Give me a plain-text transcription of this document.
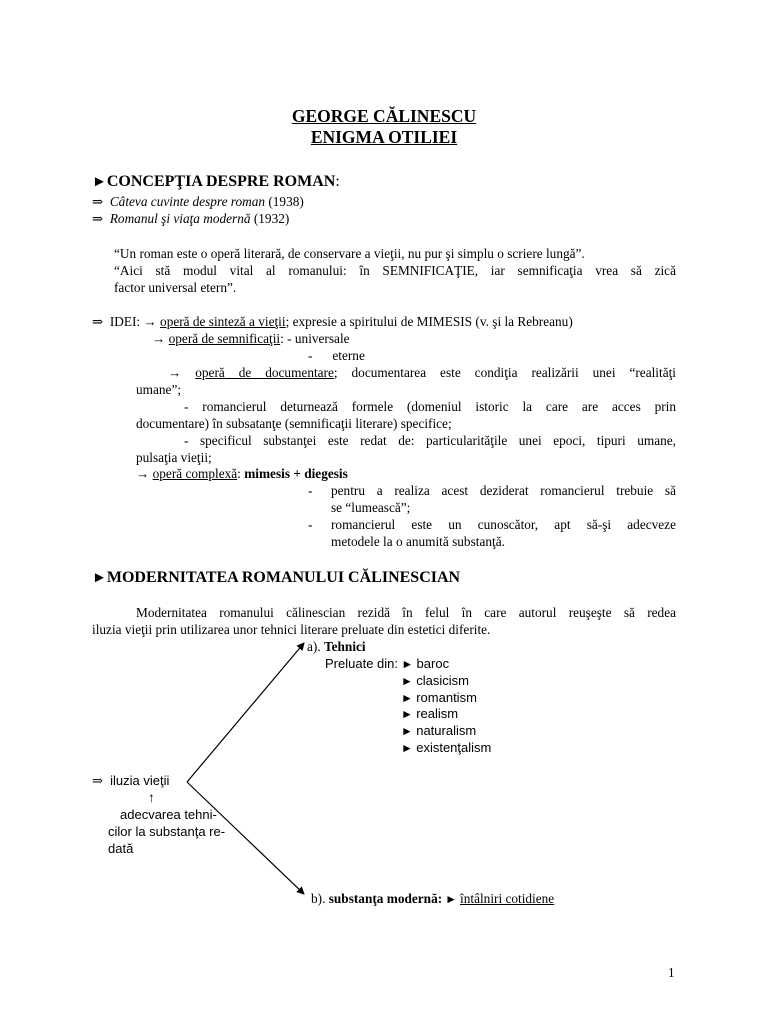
GEORGE CĂLINESCU
ENIGMA OTILIEI
►CONCEPŢIA DESPRE ROMAN:
⇒ Câteva cuvinte despre roman (1938)
⇒ Romanul şi viaţa modernă (1932)
“Un roman este o operă literară, de conservare a vieţii, nu pur şi simplu o scriere lungă”.
“Aici stă modul vital al romanului: în SEMNIFICAŢIE, iar semnificaţia vrea să zică
factor universal etern”.
⇒ IDEI: → operă de sinteză a vieţii; expresie a spiritului de MIMESIS (v. şi la Rebreanu)
→ operă de semnificaţii: - universale
-      eterne
→ operă de documentare; documentarea este condiţia realizării unei “realităţi
umane”;
- romancierul deturnează formele (domeniul istoric la care are acces prin
documentare) în subsatanţe (semnificaţii literare) specifice;
- specificul substanţei este redat de: particularităţile unei epoci, tipuri umane,
pulsaţia vieţii;
→ operă complexă: mimesis + diegesis
- pentru a realiza acest deziderat romancierul trebuie să
se “lumească”;
- romancierul este un cunoscător, apt să-şi adecveze
metodele la o anumită substanţă.
►MODERNITATEA ROMANULUI CĂLINESCIAN
Modernitatea romanului călinescian rezidă în felul în care autorul reuşeşte să redea
iluzia vieţii prin utilizarea unor tehnici literare preluate din estetici diferite.
a). Tehnici
Preluate din: ► baroc
► clasicism
► romantism
► realism
► naturalism
► existenţalism
⇒ iluzia vieţii
↑
adecvarea tehni-
cilor la substanţa re-
dată
b). substanţa modernă: ► întâlniri cotidiene
1
